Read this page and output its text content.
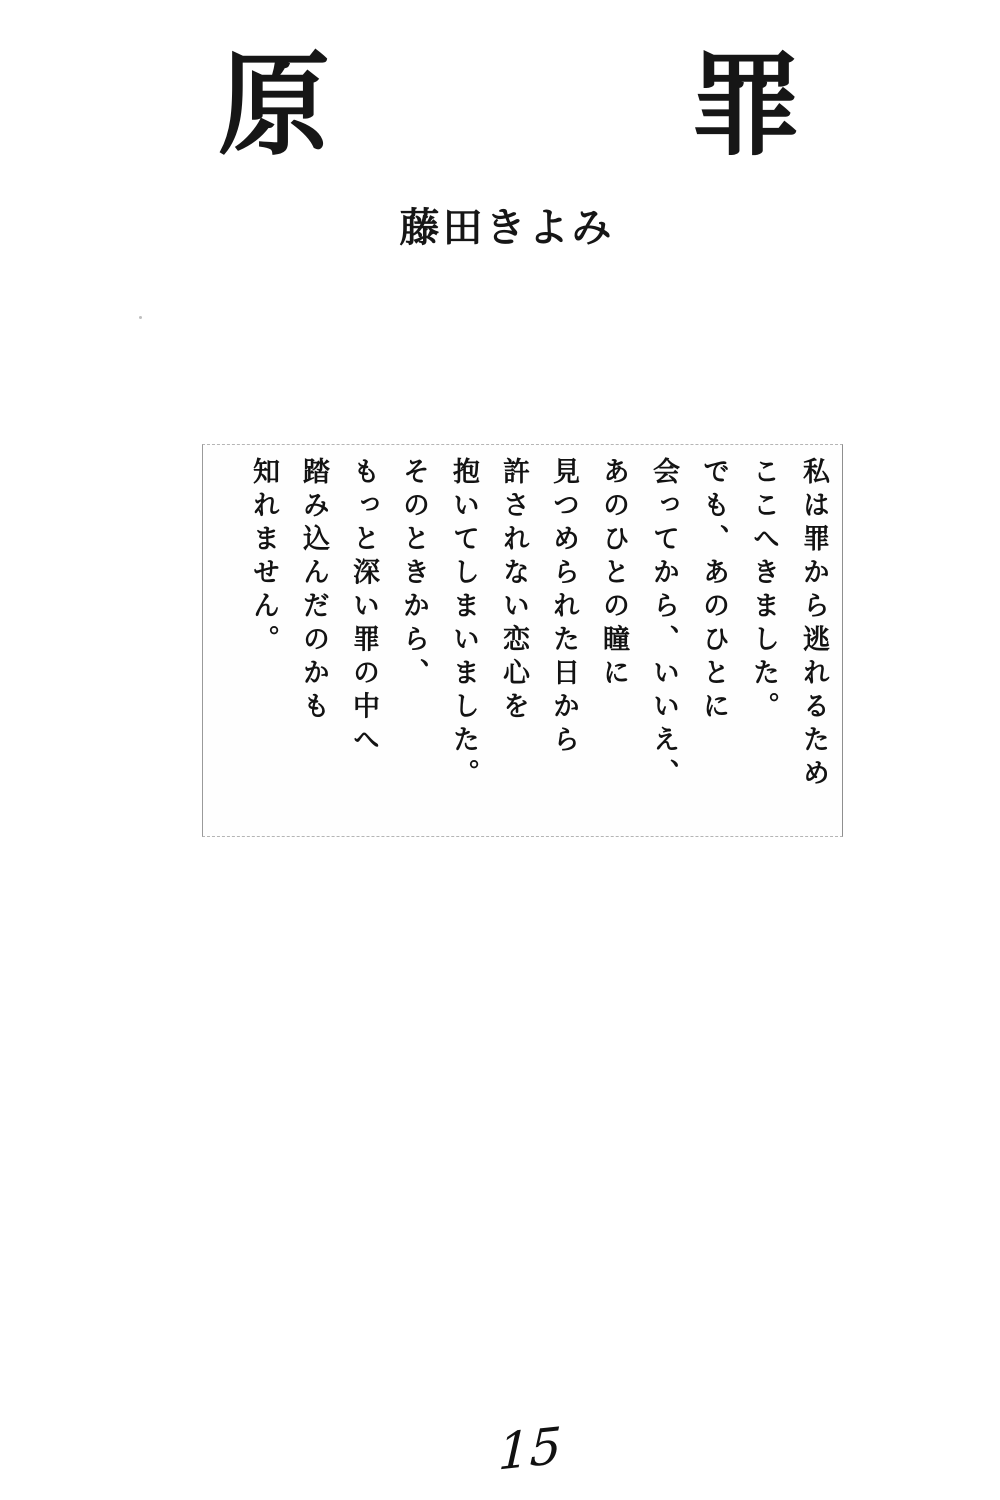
原	罪
藤田きよみ
私は罪から逃れるため
ここへきました。
でも、あのひとに
会ってから、いいえ、
あのひとの瞳に
見つめられた日から
許されない恋心を
抱いてしまいました。
そのときから、
もっと深い罪の中へ
踏み込んだのかも
知れません。
15
